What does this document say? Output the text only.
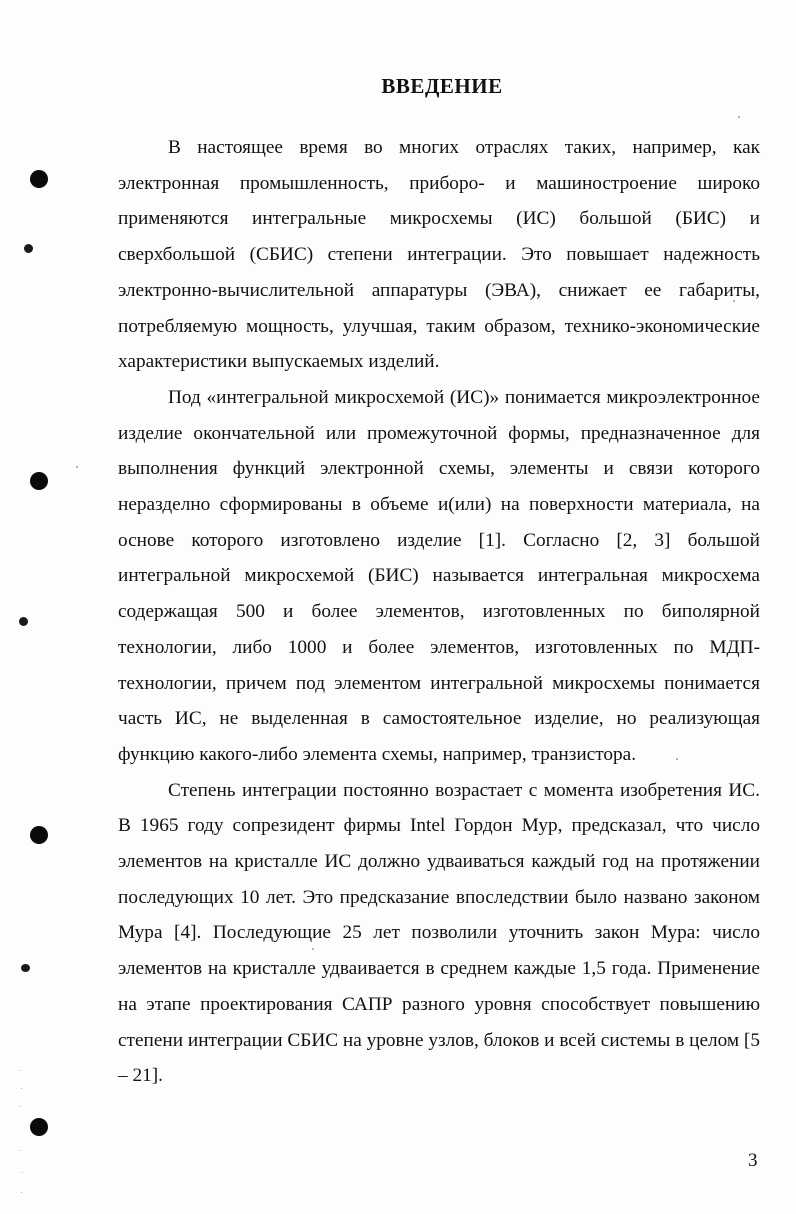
ВВЕДЕНИЕ

В настоящее время во многих отраслях таких, например, как электронная промышленность, приборо- и машиностроение широко применяются интегральные микросхемы (ИС) большой (БИС) и сверхбольшой (СБИС) степени интеграции. Это повышает надежность электронно-вычислительной аппаратуры (ЭВА), снижает ее габариты, потребляемую мощность, улучшая, таким образом, технико-экономические характеристики выпускаемых изделий.

Под «интегральной микросхемой (ИС)» понимается микроэлектронное изделие окончательной или промежуточной формы, предназначенное для выполнения функций электронной схемы, элементы и связи которого неразделно сформированы в объеме и(или) на поверхности материала, на основе которого изготовлено изделие [1]. Согласно [2, 3] большой интегральной микросхемой (БИС) называется интегральная микросхема содержащая 500 и более элементов, изготовленных по биполярной технологии, либо 1000 и более элементов, изготовленных по МДП-технологии, причем под элементом интегральной микросхемы понимается часть ИС, не выделенная в самостоятельное изделие, но реализующая функцию какого-либо элемента схемы, например, транзистора.

Степень интеграции постоянно возрастает с момента изобретения ИС. В 1965 году сопрезидент фирмы Intel Гордон Мур, предсказал, что число элементов на кристалле ИС должно удваиваться каждый год на протяжении последующих 10 лет. Это предсказание впоследствии было названо законом Мура [4]. Последующие 25 лет позволили уточнить закон Мура: число элементов на кристалле удваивается в среднем каждые 1,5 года. Применение на этапе проектирования САПР разного уровня способствует повышению степени интеграции СБИС на уровне узлов, блоков и всей системы в целом [5 – 21].

3
